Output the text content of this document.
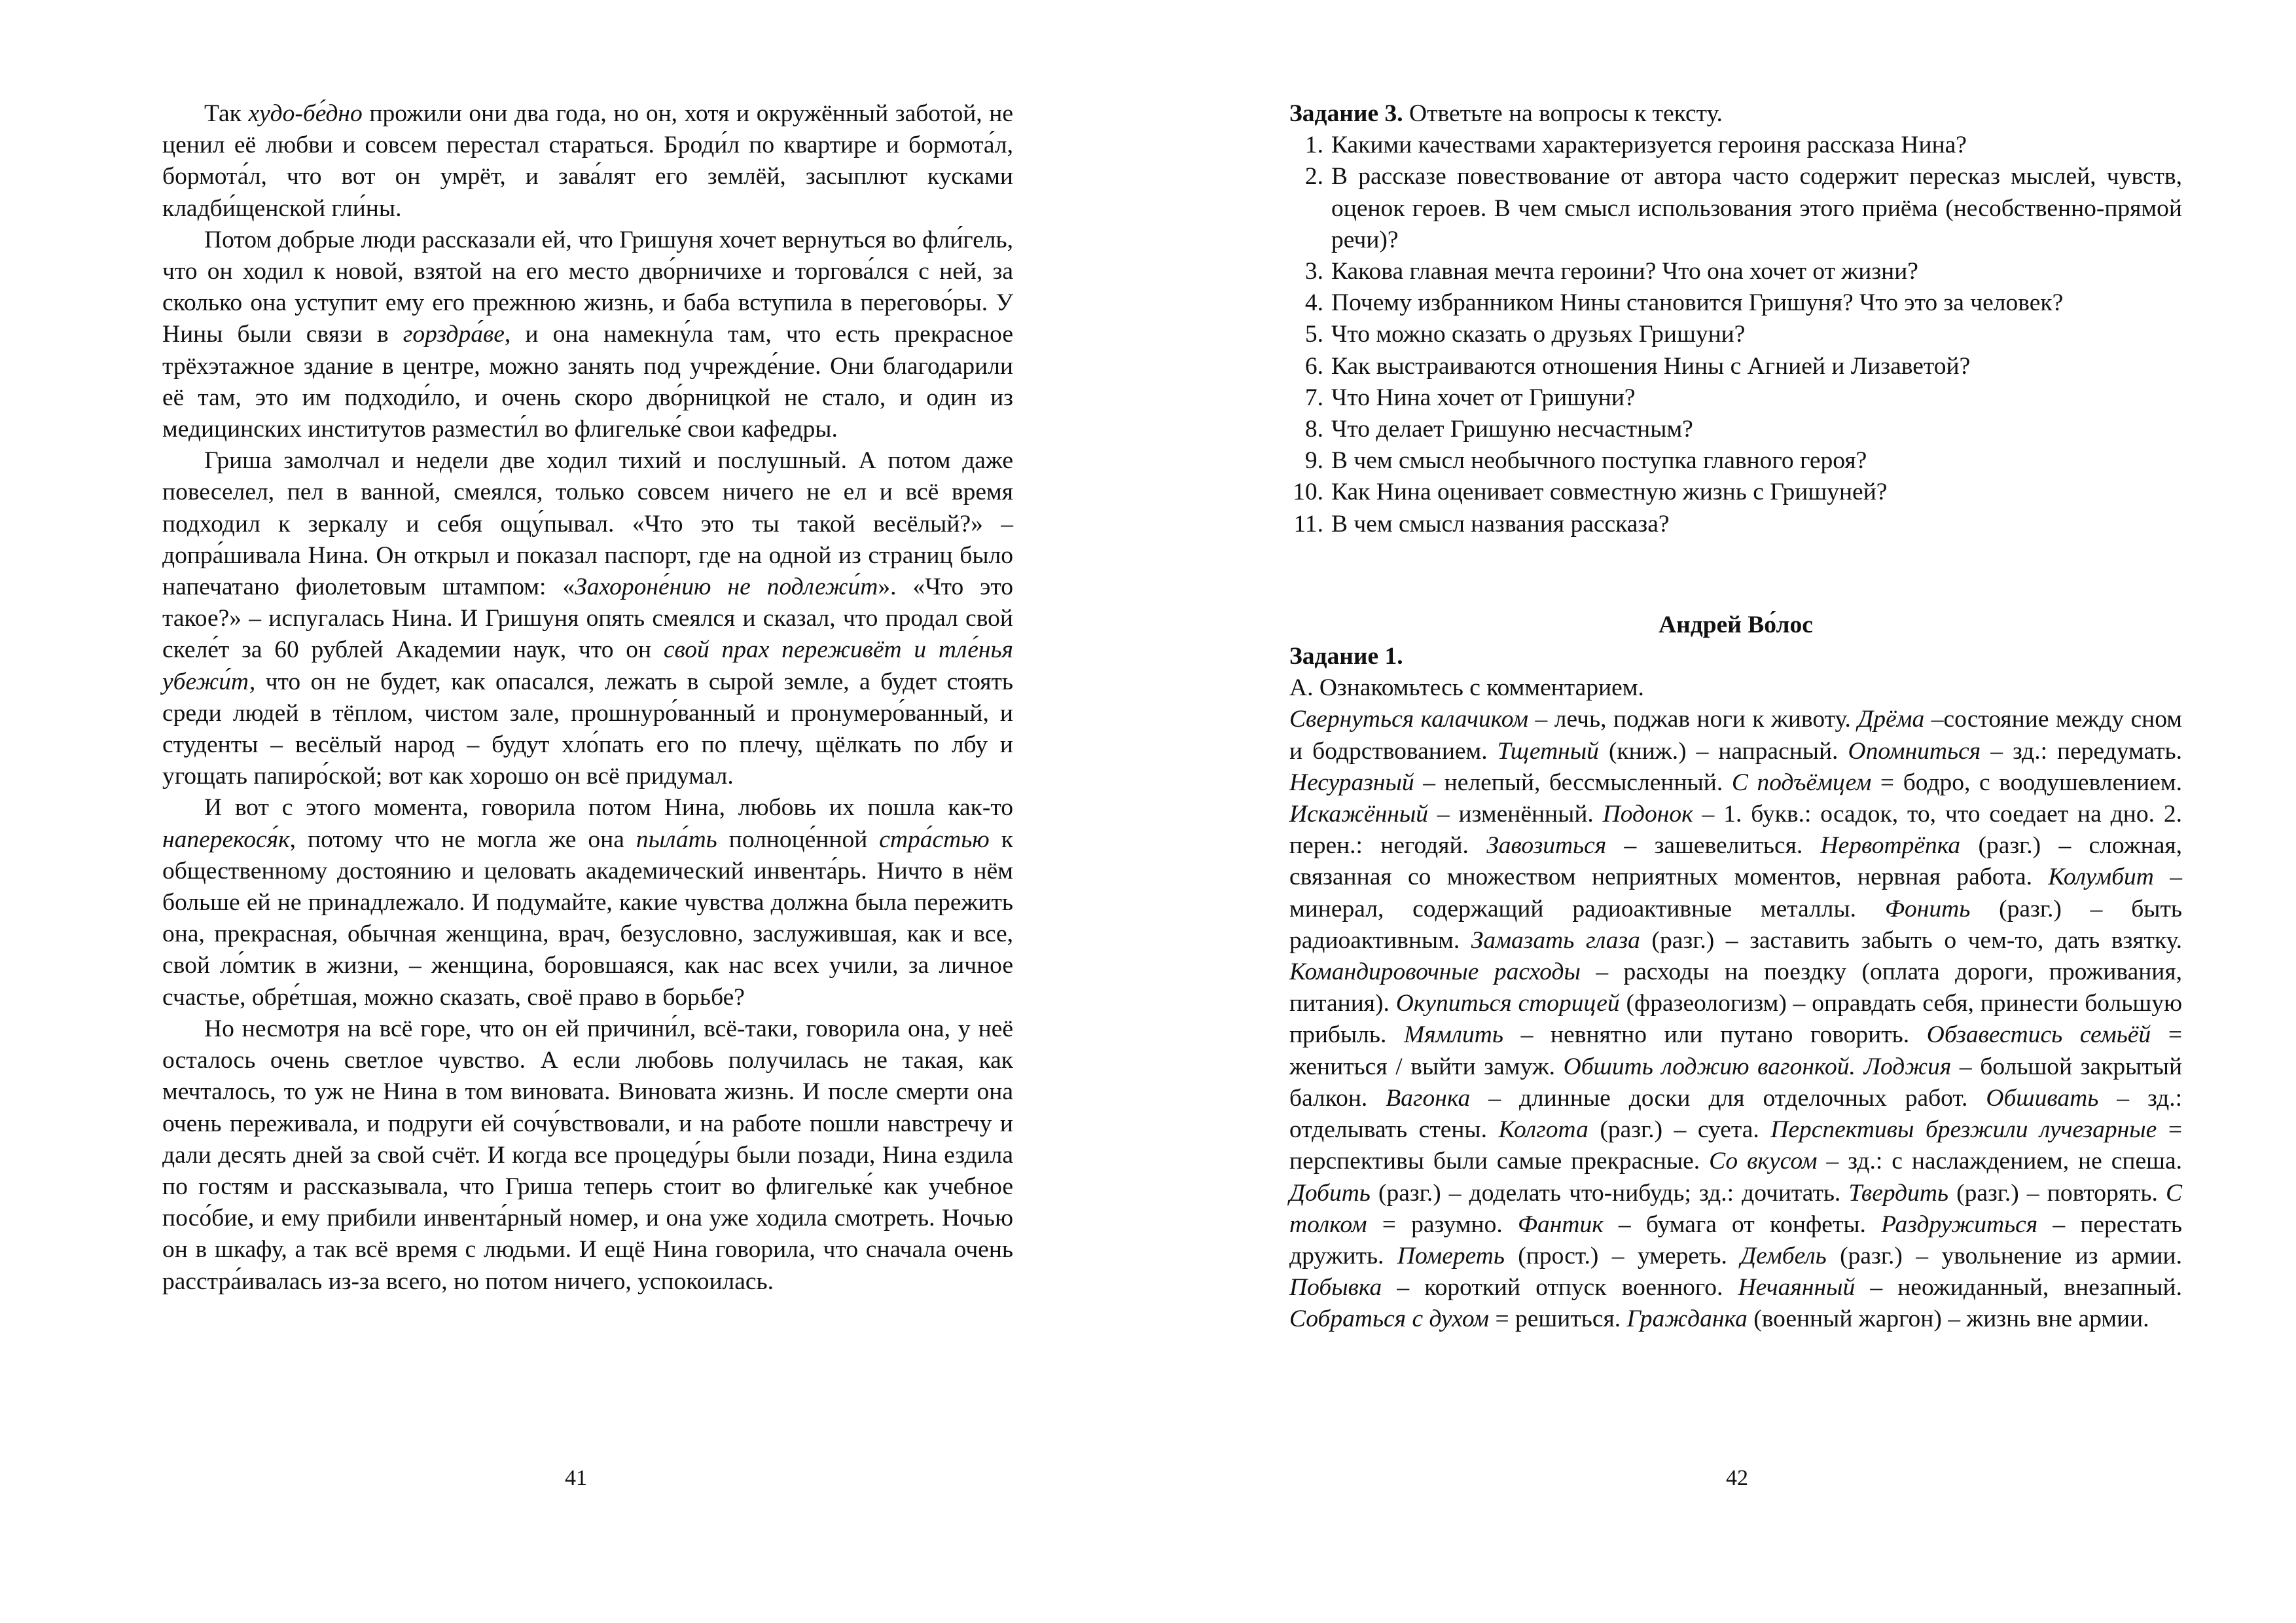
Так худо-бе́дно прожили они два года, но он, хотя и окружённый заботой, не ценил её любви и совсем перестал стараться. Броди́л по квартире и бормота́л, бормота́л, что вот он умрёт, и зава́лят его землёй, засыплют кусками кладби́щенской гли́ны.

Потом добрые люди рассказали ей, что Гришуня хочет вернуться во фли́гель, что он ходил к новой, взятой на его место дво́рничихе и торгова́лся с ней, за сколько она уступит ему его прежнюю жизнь, и баба вступила в перегово́ры. У Нины были связи в горздра́ве, и она намекну́ла там, что есть прекрасное трёхэтажное здание в центре, можно занять под учрежде́ние. Они благодарили её там, это им подходи́ло, и очень скоро дво́рницкой не стало, и один из медицинских институтов размести́л во флигельке́ свои кафедры.

Гриша замолчал и недели две ходил тихий и послушный. А потом даже повеселел, пел в ванной, смеялся, только совсем ничего не ел и всё время подходил к зеркалу и себя ощу́пывал. «Что это ты такой весёлый?» – допра́шивала Нина. Он открыл и показал паспорт, где на одной из страниц было напечатано фиолетовым штампом: «Захороне́нию не подлежи́т». «Что это такое?» – испугалась Нина. И Гришуня опять смеялся и сказал, что продал свой скеле́т за 60 рублей Академии наук, что он свой прах переживёт и тле́нья убежи́т, что он не будет, как опасался, лежать в сырой земле, а будет стоять среди людей в тёплом, чистом зале, прошнуро́ванный и пронумеро́ванный, и студенты – весёлый народ – будут хло́пать его по плечу, щёлкать по лбу и угощать папиро́ской; вот как хорошо он всё придумал.

И вот с этого момента, говорила потом Нина, любовь их пошла как-то наперекося́к, потому что не могла же она пыла́ть полноце́нной стра́стью к общественному достоянию и целовать академический инвента́рь. Ничто в нём больше ей не принадлежало. И подумайте, какие чувства должна была пережить она, прекрасная, обычная женщина, врач, безусловно, заслужившая, как и все, свой ло́мтик в жизни, – женщина, боровшаяся, как нас всех учили, за личное счастье, обре́тшая, можно сказать, своё право в борьбе?

Но несмотря на всё горе, что он ей причини́л, всё-таки, говорила она, у неё осталось очень светлое чувство. А если любовь получилась не такая, как мечталось, то уж не Нина в том виновата. Виновата жизнь. И после смерти она очень переживала, и подруги ей сочу́вствовали, и на работе пошли навстречу и дали десять дней за свой счёт. И когда все процеду́ры были позади, Нина ездила по гостям и рассказывала, что Гриша теперь стоит во флигельке́ как учебное посо́бие, и ему прибили инвента́рный номер, и она уже ходила смотреть. Ночью он в шкафу, а так всё время с людьми. И ещё Нина говорила, что сначала очень расстра́ивалась из-за всего, но потом ничего, успокоилась.

41

Задание 3. Ответьте на вопросы к тексту.

1. Какими качествами характеризуется героиня рассказа Нина?
2. В рассказе повествование от автора часто содержит пересказ мыслей, чувств, оценок героев. В чем смысл использования этого приёма (несобственно-прямой речи)?
3. Какова главная мечта героини? Что она хочет от жизни?
4. Почему избранником Нины становится Гришуня? Что это за человек?
5. Что можно сказать о друзьях Гришуни?
6. Как выстраиваются отношения Нины с Агнией и Лизаветой?
7. Что Нина хочет от Гришуни?
8. Что делает Гришуню несчастным?
9. В чем смысл необычного поступка главного героя?
10. Как Нина оценивает совместную жизнь с Гришуней?
11. В чем смысл названия рассказа?

Андрей Во́лос

Задание 1.

А. Ознакомьтесь с комментарием.

Свернуться калачиком – лечь, поджав ноги к животу. Дрёма –состояние между сном и бодрствованием. Тщетный (книж.) – напрасный. Опомниться – зд.: передумать. Несуразный – нелепый, бессмысленный. С подъёмцем = бодро, с воодушевлением. Искажённый – изменённый. Подонок – 1. букв.: осадок, то, что соедает на дно. 2. перен.: негодяй. Завозиться – зашевелиться. Нервотрёпка (разг.) – сложная, связанная со множеством неприятных моментов, нервная работа. Колумбит – минерал, содержащий радиоактивные металлы. Фонить (разг.) – быть радиоактивным. Замазать глаза (разг.) – заставить забыть о чем-то, дать взятку. Командировочные расходы – расходы на поездку (оплата дороги, проживания, питания). Окупиться сторицей (фразеологизм) – оправдать себя, принести большую прибыль. Мямлить – невнятно или путано говорить. Обзавестись семьёй = жениться / выйти замуж. Обшить лоджию вагонкой. Лоджия – большой закрытый балкон. Вагонка – длинные доски для отделочных работ. Обшивать – зд.: отделывать стены. Колгота (разг.) – суета. Перспективы брезжили лучезарные = перспективы были самые прекрасные. Со вкусом – зд.: с наслаждением, не спеша. Добить (разг.) – доделать что-нибудь; зд.: дочитать. Твердить (разг.) – повторять. С толком = разумно. Фантик – бумага от конфеты. Раздружиться – перестать дружить. Помереть (прост.) – умереть. Дембель (разг.) – увольнение из армии. Побывка – короткий отпуск военного. Нечаянный – неожиданный, внезапный. Собраться с духом = решиться. Гражданка (военный жаргон) – жизнь вне армии.

42
